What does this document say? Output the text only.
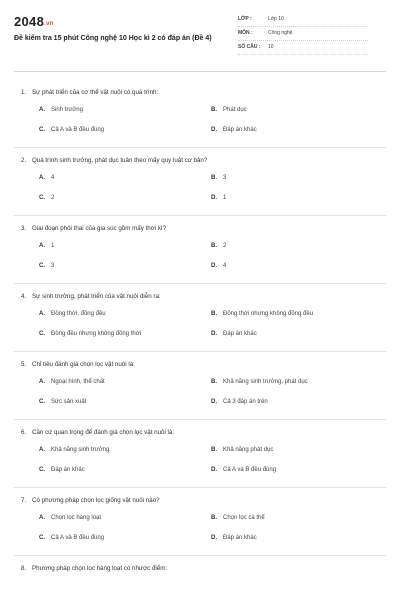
2048.vn
Đề kiểm tra 15 phút Công nghệ 10 Học kì 2 có đáp án (Đề 4)
LỚP :	Lớp 10
MÔN :	Công nghệ
SỐ CÂU :	10
1. Sự phát triển của cơ thể vật nuôi có quá trình:
A.	Sinh trưởng	B.	Phát dục
C.	Cả A và B đều đúng	D.	Đáp án khác
2. Quá trình sinh trưởng, phát dục tuân theo mấy quy luật cơ bản?
A.	4	B.	3
C.	2	D.	1
3. Giai đoạn phôi thai của gia súc gồm mấy thời kì?
A.	1	B.	2
C.	3	D.	4
4. Sự sinh trưởng, phát triển của vật nuôi diễn ra:
A.	Đồng thời, đồng đều	B.	Đồng thời nhưng không đồng đều
C.	Đồng đều nhưng không đồng thời	D.	Đáp án khác
5. Chỉ tiêu đánh giá chọn lọc vật nuôi là:
A.	Ngoại hình, thể chất	B.	Khả năng sinh trưởng, phát dục
C.	Sức sản xuất	D.	Cả 3 đáp án trên
6. Căn cứ quan trọng để đánh giá chọn lọc vật nuôi là:
A.	Khả năng sinh trưởng	B.	Khả năng phát dục
C.	Đáp án khác	D.	Cả A và B đều đúng
7. Có phương pháp chọn lọc giống vật nuôi nào?
A.	Chọn lọc hàng loạt	B.	Chọn lọc cá thể
C.	Cả A và B đều đúng	D.	Đáp án khác
8. Phương pháp chọn lọc hàng loạt có nhược điểm:
